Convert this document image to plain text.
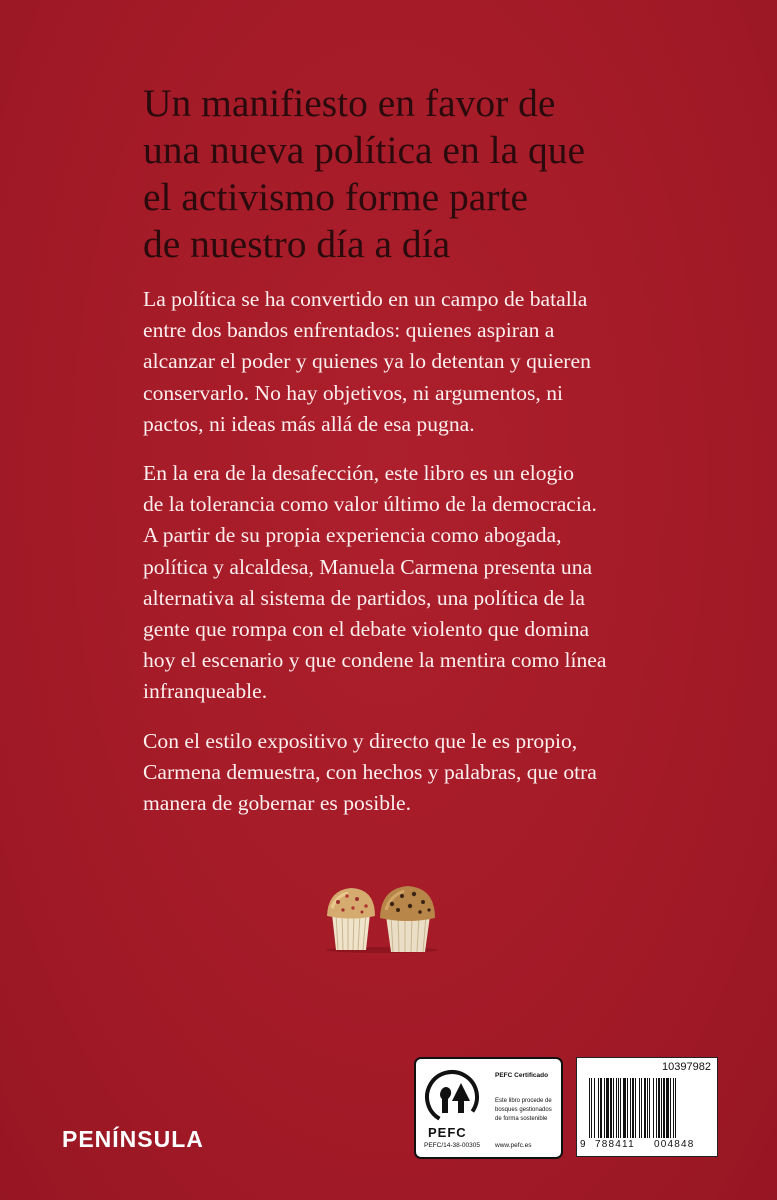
Un manifiesto en favor de
una nueva política en la que
el activismo forme parte
de nuestro día a día

La política se ha convertido en un campo de batalla
entre dos bandos enfrentados: quienes aspiran a
alcanzar el poder y quienes ya lo detentan y quieren
conservarlo. No hay objetivos, ni argumentos, ni
pactos, ni ideas más allá de esa pugna.

En la era de la desafección, este libro es un elogio
de la tolerancia como valor último de la democracia.
A partir de su propia experiencia como abogada,
política y alcaldesa, Manuela Carmena presenta una
alternativa al sistema de partidos, una política de la
gente que rompa con el debate violento que domina
hoy el escenario y que condene la mentira como línea
infranqueable.

Con el estilo expositivo y directo que le es propio,
Carmena demuestra, con hechos y palabras, que otra
manera de gobernar es posible.

PENÍNSULA	PEFC
PEFC/14-38-00305
PEFC Certificado
Este libro procede de bosques gestionados de forma sostenible
www.pefc.es
10397982
9 788411 004848
